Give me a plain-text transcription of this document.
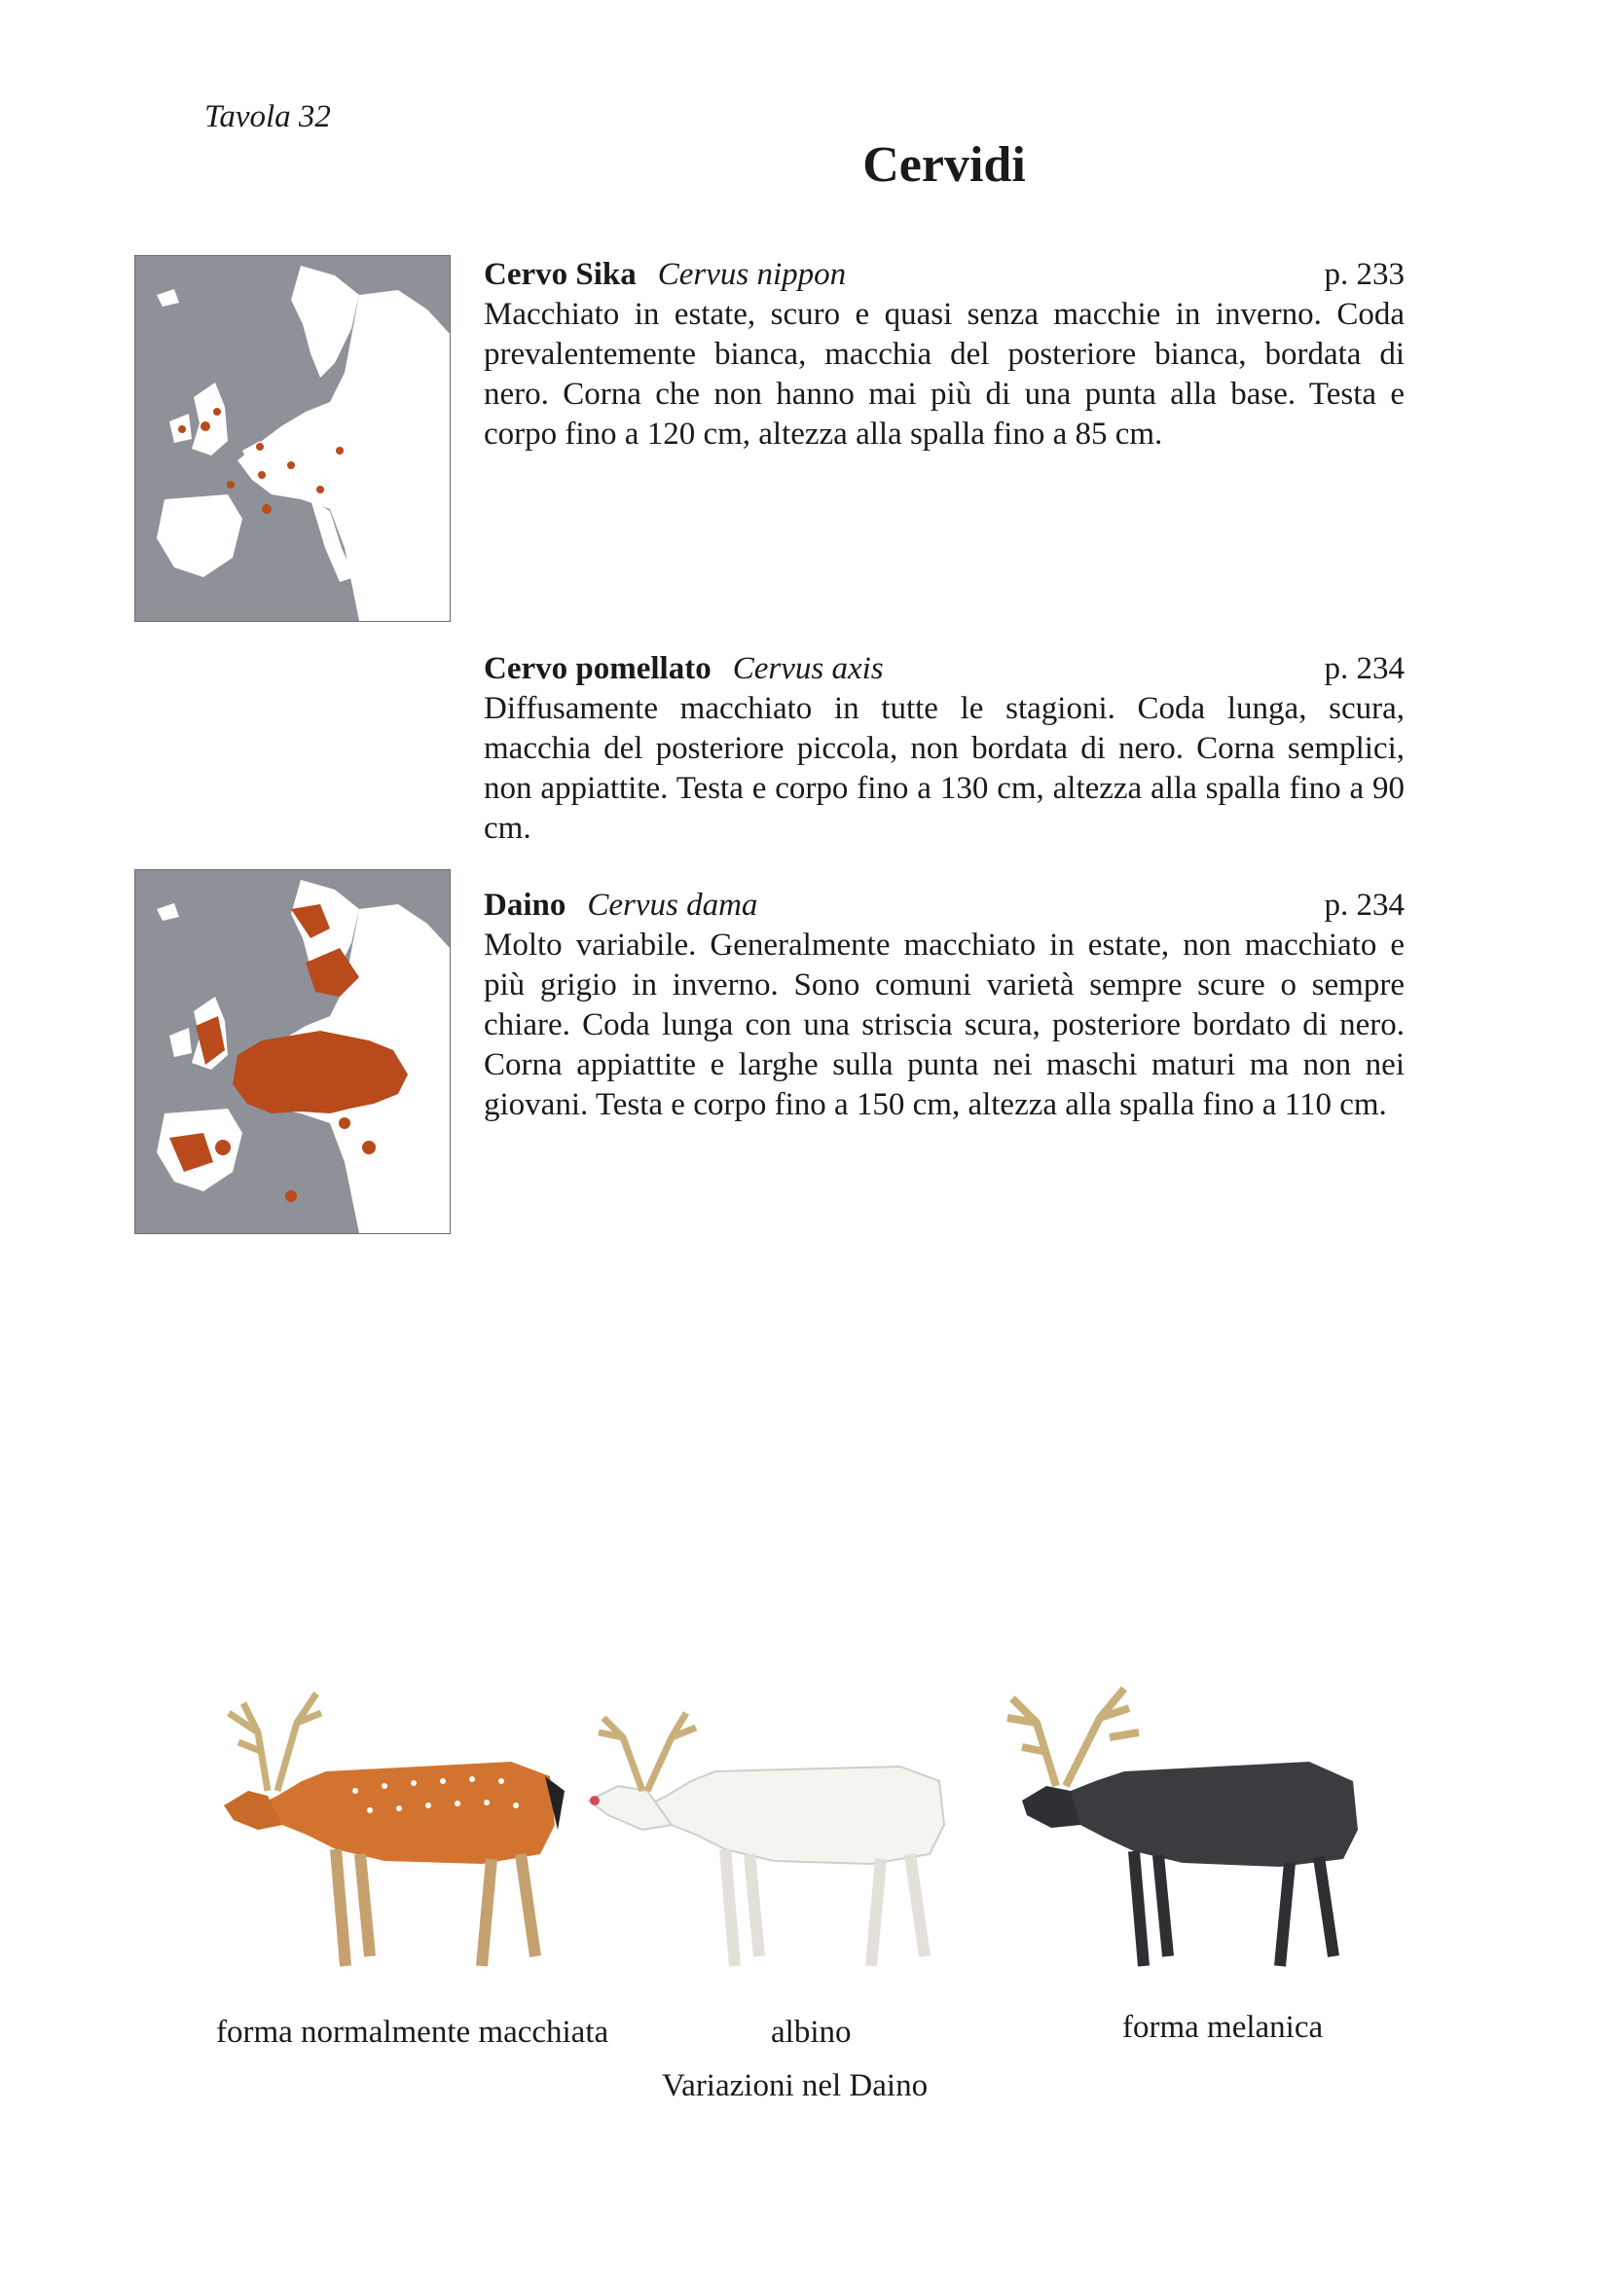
Tavola 32
Cervidi
Cervo Sika Cervus nippon	p. 233
Macchiato in estate, scuro e quasi senza macchie in inverno. Coda prevalentemente bianca, macchia del posteriore bianca, bordata di nero. Corna che non hanno mai più di una punta alla base. Testa e corpo fino a 120 cm, altezza alla spalla fino a 85 cm.
Cervo pomellato Cervus axis	p. 234
Diffusamente macchiato in tutte le stagioni. Coda lunga, scura, macchia del posteriore piccola, non bordata di nero. Corna semplici, non appiattite. Testa e corpo fino a 130 cm, altezza alla spalla fino a 90 cm.
Daino Cervus dama	p. 234
Molto variabile. Generalmente macchiato in estate, non macchiato e più grigio in inverno. Sono comuni varietà sempre scure o sempre chiare. Coda lunga con una striscia scura, posteriore bordato di nero. Corna appiattite e larghe sulla punta nei maschi maturi ma non nei giovani. Testa e corpo fino a 150 cm, altezza alla spalla fino a 110 cm.
forma normalmente macchiata	albino	forma melanica
Variazioni nel Daino
